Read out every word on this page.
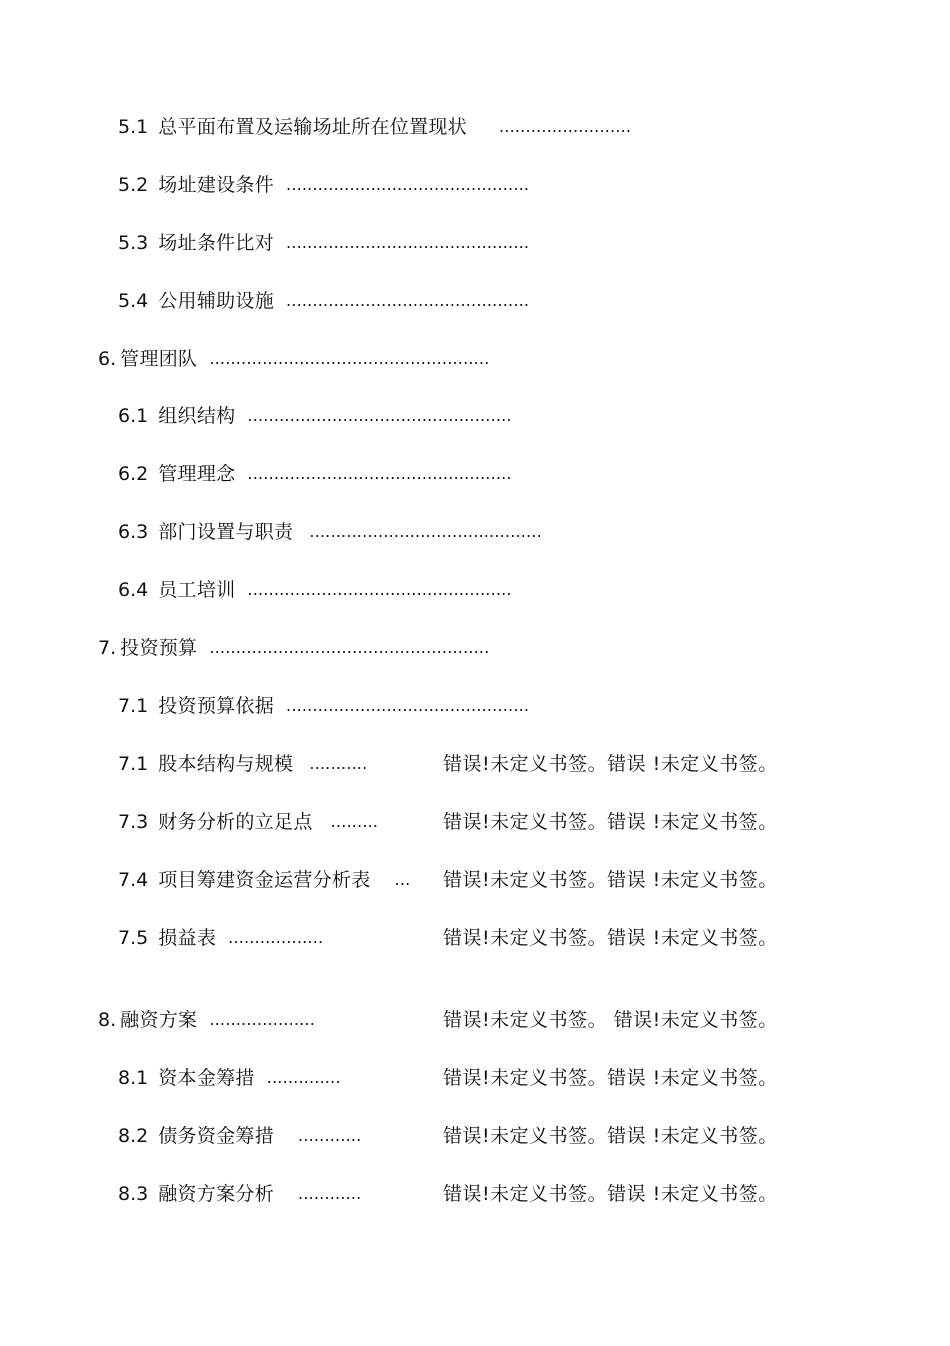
5.1 总平面布置及运输场址所在位置现状 .........................
5.2 场址建设条件 ..............................................
5.3 场址条件比对 ..............................................
5.4 公用辅助设施 ..............................................
6. 管理团队 .....................................................
6.1 组织结构 ..................................................
6.2 管理理念 ..................................................
6.3 部门设置与职责 ............................................
6.4 员工培训 ..................................................
7. 投资预算 .....................................................
7.1 投资预算依据 ..............................................
7.1 股本结构与规模 ...........	错误!未定义书签。错误 !未定义书签。
7.3 财务分析的立足点 .........	错误!未定义书签。错误 !未定义书签。
7.4 项目筹建资金运营分析表 ... 错误!未定义书签。错误 !未定义书签。
7.5 损益表 ..................	错误!未定义书签。错误 !未定义书签。
8. 融资方案 ....................	错误!未定义书签。 错误!未定义书签。
8.1 资本金筹措 ..............	错误!未定义书签。错误 !未定义书签。
8.2 债务资金筹措 ............	错误!未定义书签。错误 !未定义书签。
8.3 融资方案分析 ............	错误!未定义书签。错误 !未定义书签。
